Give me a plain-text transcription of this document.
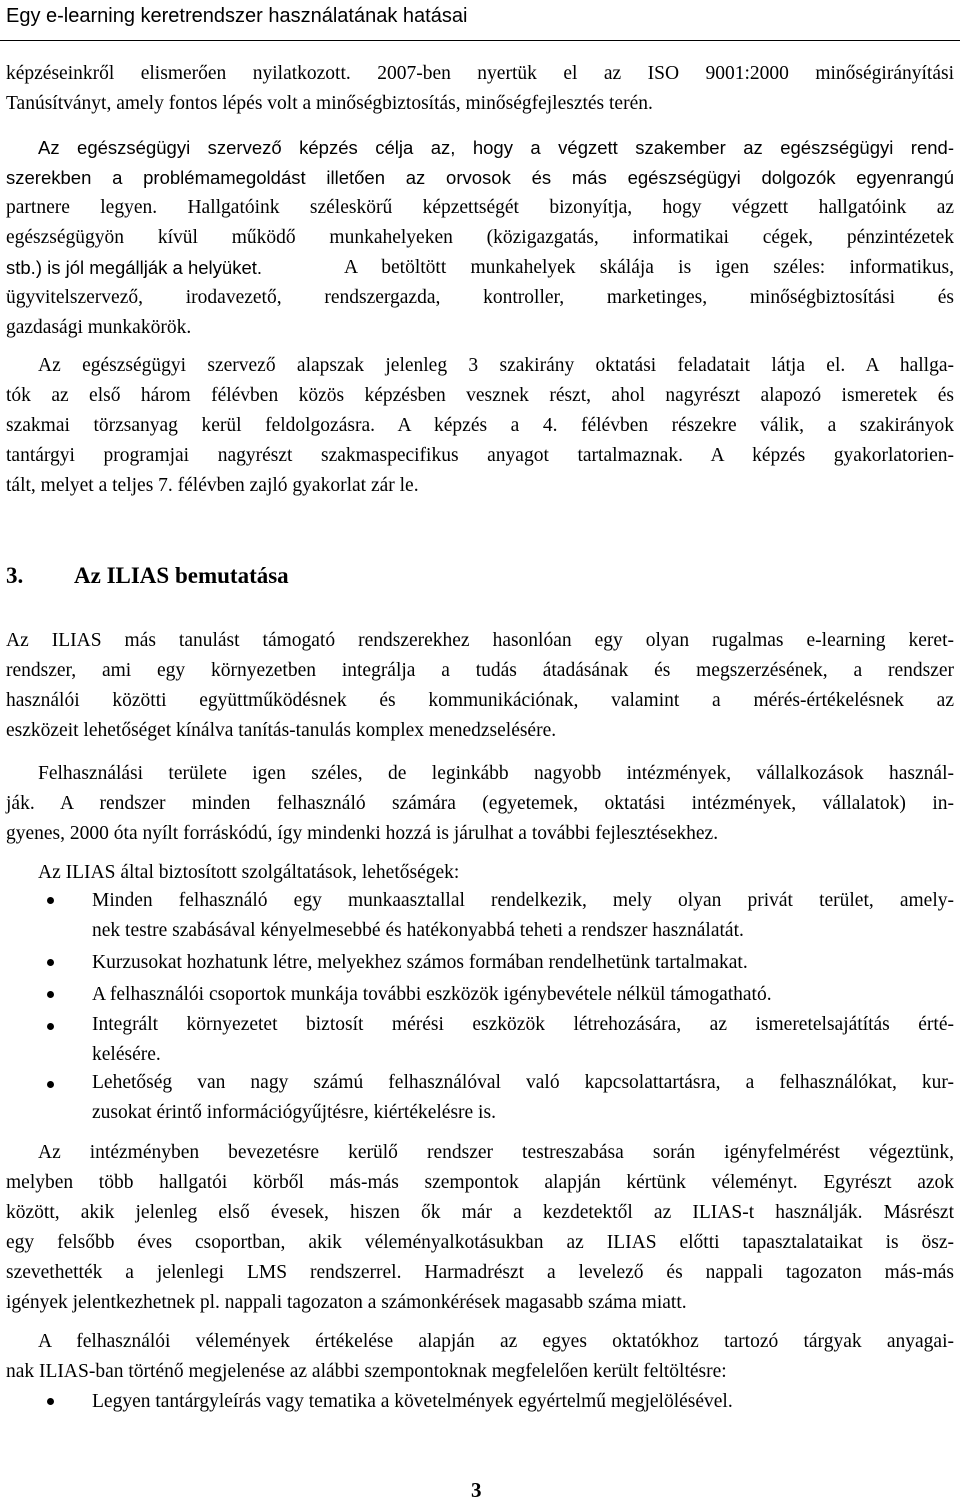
Egy e-learning keretrendszer használatának hatásai
képzéseinkről elismerően nyilatkozott. 2007-ben nyertük el az ISO 9001:2000 minőségirányítási
Tanúsítványt, amely fontos lépés volt a minőségbiztosítás, minőségfejlesztés terén.
Az egészségügyi szervező képzés célja az, hogy a végzett szakember az egészségügyi rend-
szerekben a problémamegoldást illetően az orvosok és más egészségügyi dolgozók egyenrangú
partnere legyen. Hallgatóink széleskörű képzettségét bizonyítja, hogy végzett hallgatóink az
egészségügyön kívül működő munkahelyeken (közigazgatás, informatikai cégek, pénzintézetek
stb.) is jól megállják a helyüket.	A betöltött munkahelyek skálája is igen széles: informatikus,
ügyvitelszervező, irodavezető, rendszergazda, kontroller, marketinges, minőségbiztosítási és
gazdasági munkakörök.
Az egészségügyi szervező alapszak jelenleg 3 szakirány oktatási feladatait látja el. A hallga-
tók az első három félévben közös képzésben vesznek részt, ahol nagyrészt alapozó ismeretek és
szakmai törzsanyag kerül feldolgozásra. A képzés a 4. félévben részekre válik, a szakirányok
tantárgyi programjai nagyrészt szakmaspecifikus anyagot tartalmaznak. A képzés gyakorlatorien-
tált, melyet a teljes 7. félévben zajló gyakorlat zár le.
3. Az ILIAS bemutatása
Az ILIAS más tanulást támogató rendszerekhez hasonlóan egy olyan rugalmas e-learning keret-
rendszer, ami egy környezetben integrálja a tudás átadásának és megszerzésének, a rendszer
használói közötti együttműködésnek és kommunikációnak, valamint a mérés-értékelésnek az
eszközeit lehetőséget kínálva tanítás-tanulás komplex menedzselésére.
Felhasználási területe igen széles, de leginkább nagyobb intézmények, vállalkozások használ-
ják. A rendszer minden felhasználó számára (egyetemek, oktatási intézmények, vállalatok) in-
gyenes, 2000 óta nyílt forráskódú, így mindenki hozzá is járulhat a további fejlesztésekhez.
Az ILIAS által biztosított szolgáltatások, lehetőségek:
Minden felhasználó egy munkaasztallal rendelkezik, mely olyan privát terület, amely-
nek testre szabásával kényelmesebbé és hatékonyabbá teheti a rendszer használatát.
Kurzusokat hozhatunk létre, melyekhez számos formában rendelhetünk tartalmakat.
A felhasználói csoportok munkája további eszközök igénybevétele nélkül támogatható.
Integrált környezetet biztosít mérési eszközök létrehozására, az ismeretelsajátítás érté-
kelésére.
Lehetőség van nagy számú felhasználóval való kapcsolattartásra, a felhasználókat, kur-
zusokat érintő információgyűjtésre, kiértékelésre is.
Az intézményben bevezetésre kerülő rendszer testreszabása során igényfelmérést végeztünk,
melyben több hallgatói körből más-más szempontok alapján kértünk véleményt. Egyrészt azok
között, akik jelenleg első évesek, hiszen ők már a kezdetektől az ILIAS-t használják. Másrészt
egy felsőbb éves csoportban, akik véleményalkotásukban az ILIAS előtti tapasztalataikat is ösz-
szevethették a jelenlegi LMS rendszerrel. Harmadrészt a levelező és nappali tagozaton más-más
igények jelentkezhetnek pl. nappali tagozaton a számonkérések magasabb száma miatt.
A felhasználói vélemények értékelése alapján az egyes oktatókhoz tartozó tárgyak anyagai-
nak ILIAS-ban történő megjelenése az alábbi szempontoknak megfelelően került feltöltésre:
Legyen tantárgyleírás vagy tematika a követelmények egyértelmű megjelölésével.
3
